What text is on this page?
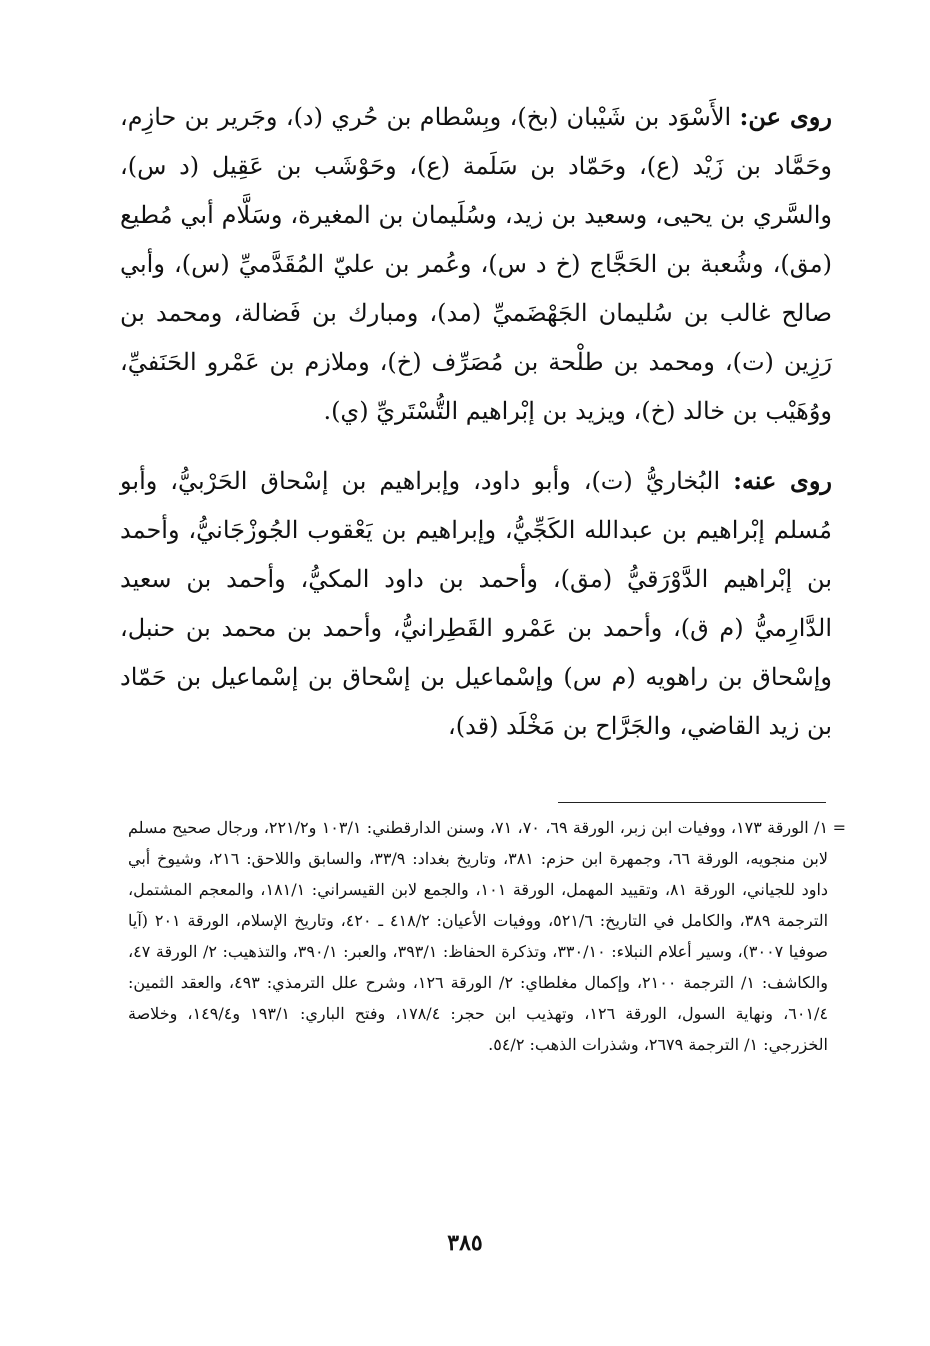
روى عن: الأَسْوَد بن شَيْبان (بخ)، وبِسْطام بن حُري (د)، وجَرير بن حازِم، وحَمَّاد بن زَيْد (ع)، وحَمّاد بن سَلَمة (ع)، وحَوْشَب بن عَقِيل (د س)، والسَّري بن يحيى، وسعيد بن زيد، وسُلَيمان بن المغيرة، وسَلَّام أبي مُطيع (مق)، وشُعبة بن الحَجَّاج (خ د س)، وعُمر بن عليّ المُقَدَّميِّ (س)، وأبي صالح غالب بن سُليمان الجَهْضَميِّ (مد)، ومبارك بن فَضالة، ومحمد بن رَزِين (ت)، ومحمد بن طلْحة بن مُصَرِّف (خ)، وملازم بن عَمْرو الحَنَفيِّ، ووُهَيْب بن خالد (خ)، ويزيد بن إبْراهيم التُّسْتَريِّ (ي).

روى عنه: البُخاريُّ (ت)، وأبو داود، وإبراهيم بن إسْحاق الحَرْبيُّ، وأبو مُسلم إبْراهيم بن عبدالله الكَجِّيُّ، وإبراهيم بن يَعْقوب الجُوزْجَانيُّ، وأحمد بن إبْراهيم الدَّوْرَقيُّ (مق)، وأحمد بن داود المكيُّ، وأحمد بن سعيد الدَّارِميُّ (م ق)، وأحمد بن عَمْرو القَطِرانيُّ، وأحمد بن محمد بن حنبل، وإسْحاق بن راهويه (م س) وإسْماعيل بن إسْحاق بن إسْماعيل بن حَمّاد بن زيد القاضي، والجَرَّاح بن مَخْلَد (قد)،

=
١/ الورقة ١٧٣، ووفيات ابن زبر، الورقة ٦٩، ٧٠، ٧١، وسنن الدارقطني: ١٠٣/١ و٢٢١/٢، ورجال صحيح مسلم لابن منجويه، الورقة ٦٦، وجمهرة ابن حزم: ٣٨١، وتاريخ بغداد: ٣٣/٩، والسابق واللاحق: ٢١٦، وشيوخ أبي داود للجياني، الورقة ٨١، وتقييد المهمل، الورقة ١٠١، والجمع لابن القيسراني: ١٨١/١، والمعجم المشتمل، الترجمة ٣٨٩، والكامل في التاريخ: ٥٢١/٦، ووفيات الأعيان: ٤١٨/٢ ـ ٤٢٠، وتاريخ الإسلام، الورقة ٢٠١ (آيا صوفيا ٣٠٠٧)، وسير أعلام النبلاء: ٣٣٠/١٠، وتذكرة الحفاظ: ٣٩٣/١، والعبر: ٣٩٠/١، والتذهيب: ٢/ الورقة ٤٧، والكاشف: ١/ الترجمة ٢١٠٠، وإكمال مغلطاي: ٢/ الورقة ١٢٦، وشرح علل الترمذي: ٤٩٣، والعقد الثمين: ٦٠١/٤، ونهاية السول، الورقة ١٢٦، وتهذيب ابن حجر: ١٧٨/٤، وفتح الباري: ١٩٣/١ و١٤٩/٤، وخلاصة الخزرجي: ١/ الترجمة ٢٦٧٩، وشذرات الذهب: ٥٤/٢.
٣٨٥
